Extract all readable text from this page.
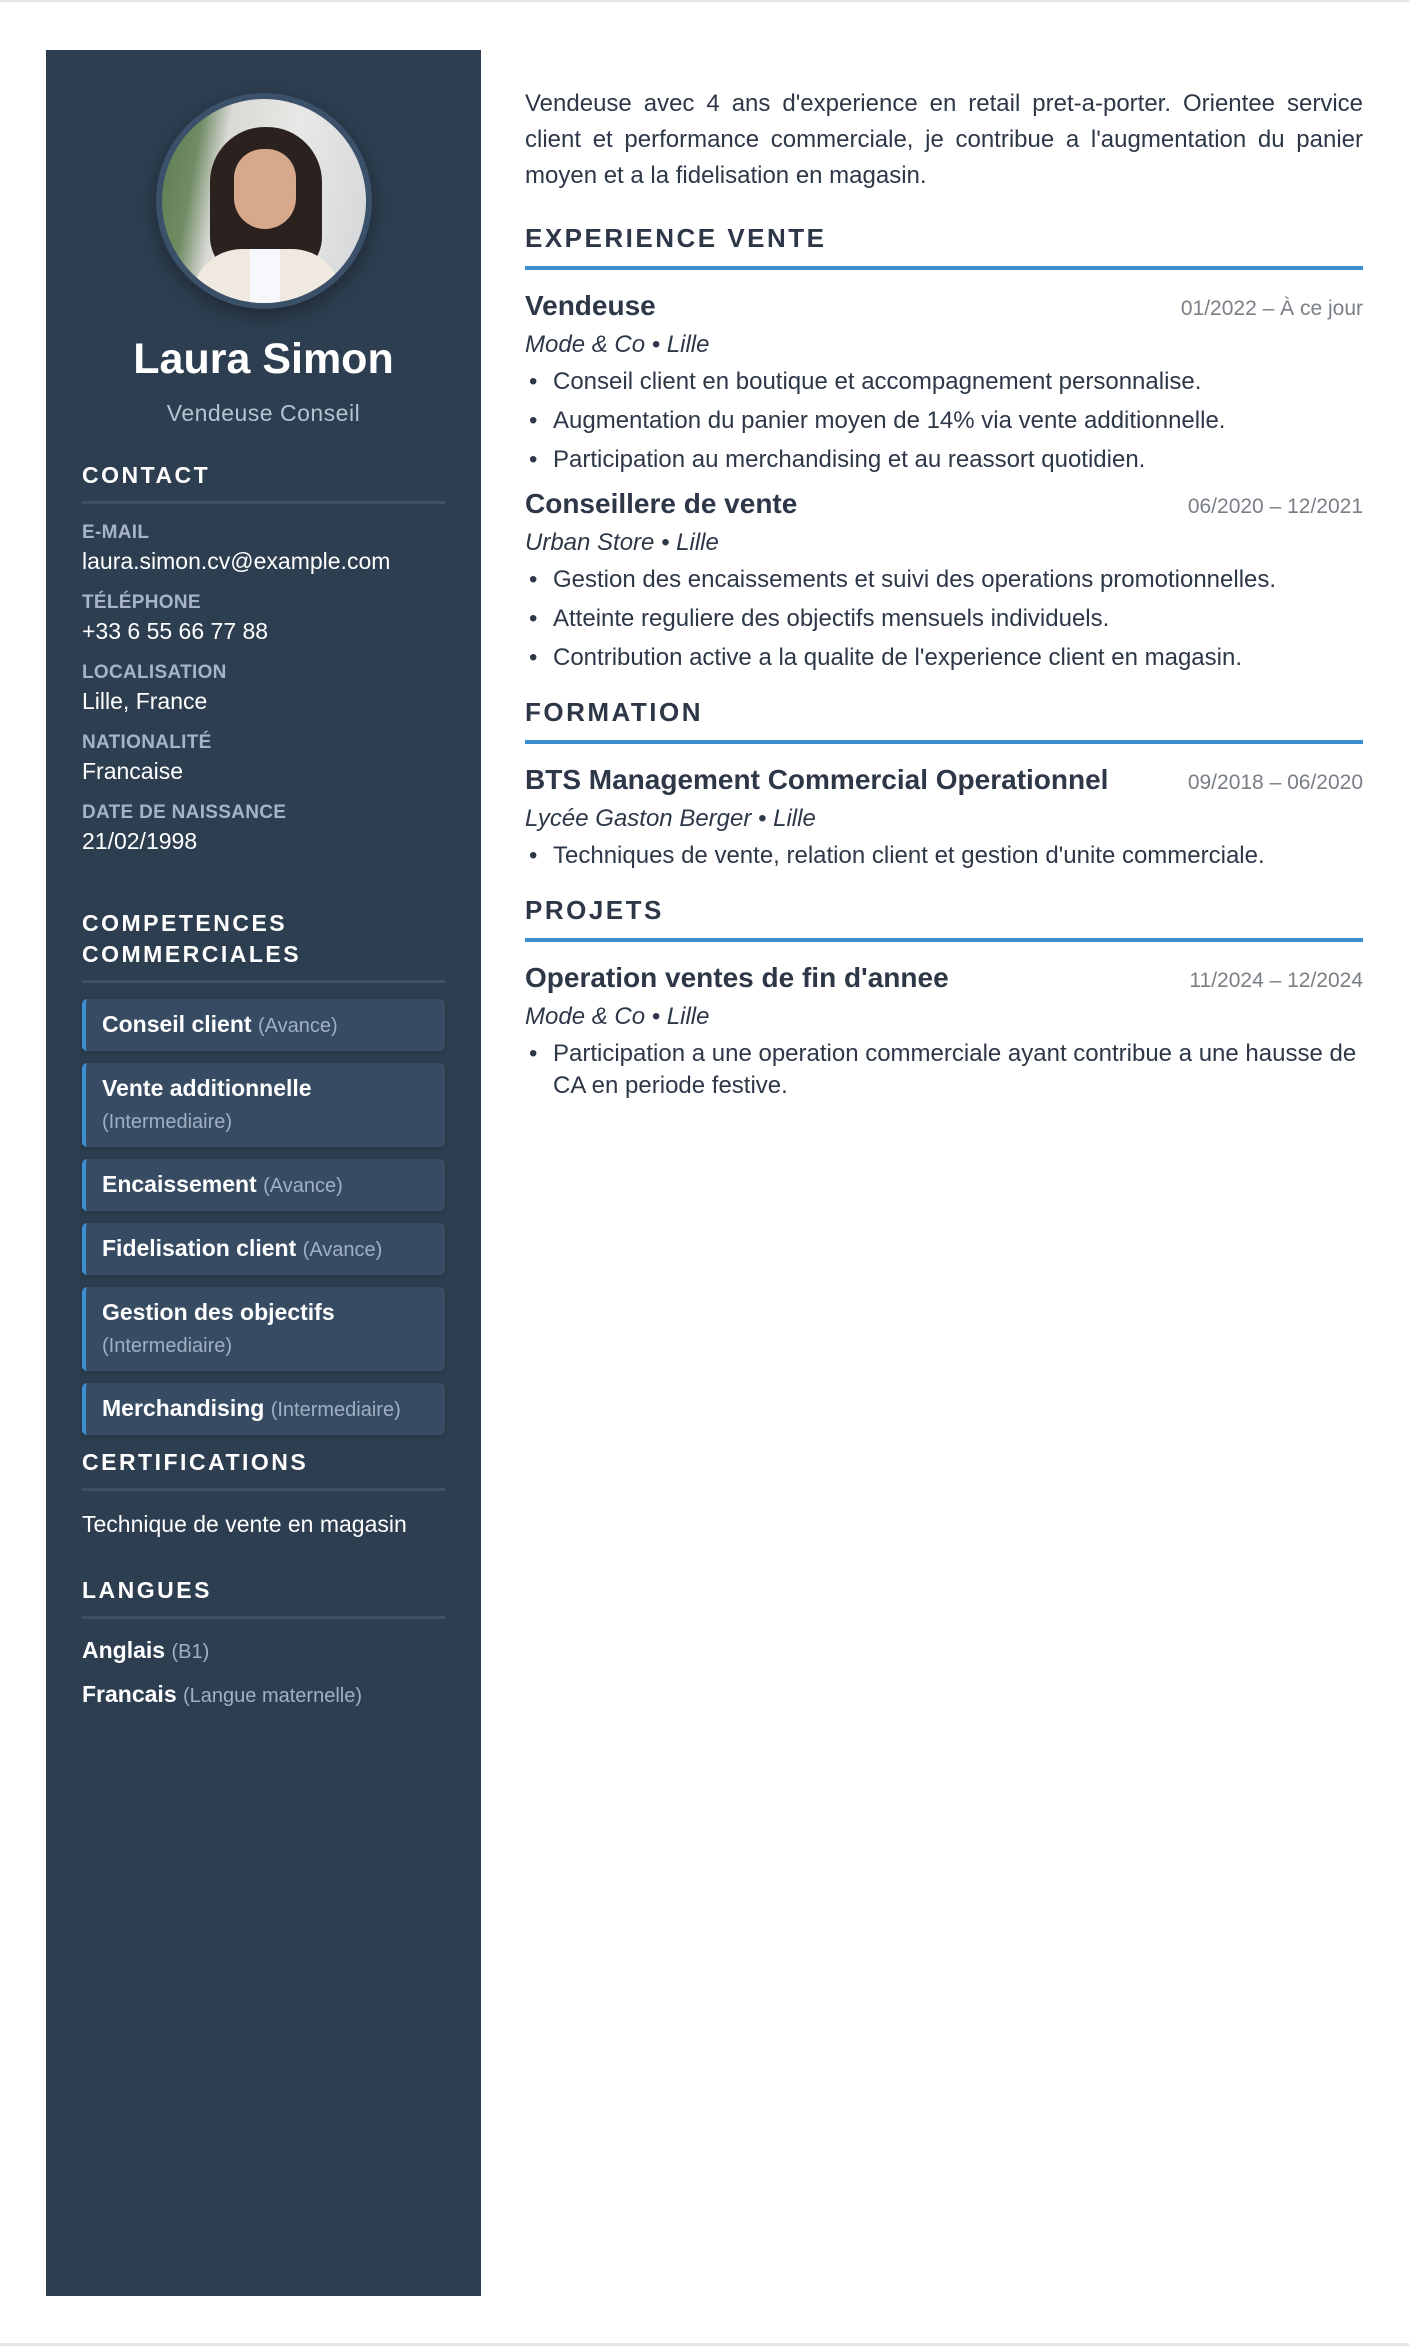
Laura Simon
Vendeuse Conseil
CONTACT
E-MAIL
laura.simon.cv@example.com
TÉLÉPHONE
+33 6 55 66 77 88
LOCALISATION
Lille, France
NATIONALITÉ
Francaise
DATE DE NAISSANCE
21/02/1998
COMPETENCES
COMMERCIALES
Conseil client (Avance)
Vente additionnelle
(Intermediaire)
Encaissement (Avance)
Fidelisation client (Avance)
Gestion des objectifs
(Intermediaire)
Merchandising (Intermediaire)
CERTIFICATIONS
Technique de vente en magasin
LANGUES
Anglais (B1)
Francais (Langue maternelle)

Vendeuse avec 4 ans d'experience en retail pret-a-porter. Orientee service client et performance commerciale, je contribue a l'augmentation du panier moyen et a la fidelisation en magasin.

EXPERIENCE VENTE
Vendeuse	01/2022 – À ce jour
Mode & Co • Lille
• Conseil client en boutique et accompagnement personnalise.
• Augmentation du panier moyen de 14% via vente additionnelle.
• Participation au merchandising et au reassort quotidien.
Conseillere de vente	06/2020 – 12/2021
Urban Store • Lille
• Gestion des encaissements et suivi des operations promotionnelles.
• Atteinte reguliere des objectifs mensuels individuels.
• Contribution active a la qualite de l'experience client en magasin.
FORMATION
BTS Management Commercial Operationnel	09/2018 – 06/2020
Lycée Gaston Berger • Lille
• Techniques de vente, relation client et gestion d'unite commerciale.
PROJETS
Operation ventes de fin d'annee	11/2024 – 12/2024
Mode & Co • Lille
• Participation a une operation commerciale ayant contribue a une hausse de CA en periode festive.
